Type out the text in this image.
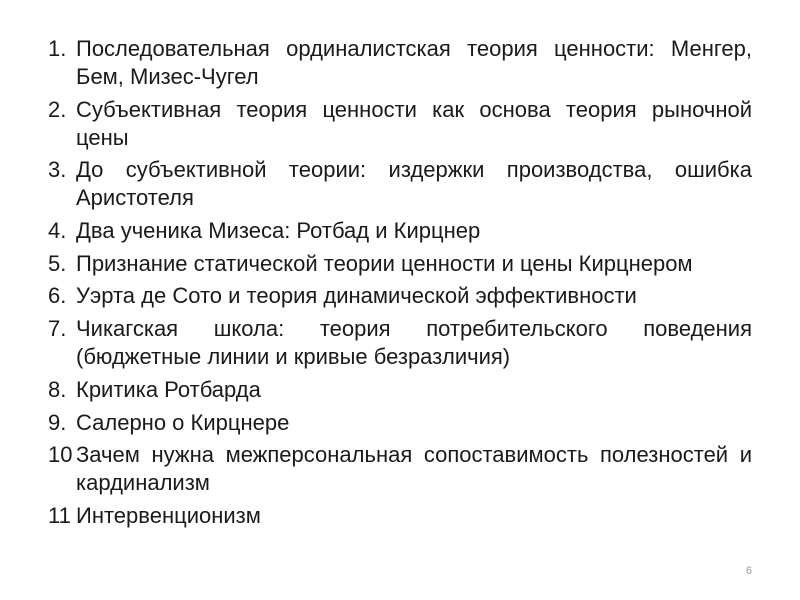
1. Последовательная ординалистская теория ценности: Менгер, Бем, Мизес-Чугел
2. Субъективная теория ценности как основа теория рыночной цены
3. До субъективной теории: издержки производства, ошибка Аристотеля
4. Два ученика Мизеса: Ротбад и Кирцнер
5. Признание статической теории ценности и цены Кирцнером
6. Уэрта де Сото и теория динамической эффективности
7. Чикагская школа: теория потребительского поведения (бюджетные линии и кривые безразличия)
8. Критика Ротбарда
9. Салерно о Кирцнере
10 Зачем нужна межперсональная сопоставимость полезностей и кардинализм
11 Интервенционизм
6
